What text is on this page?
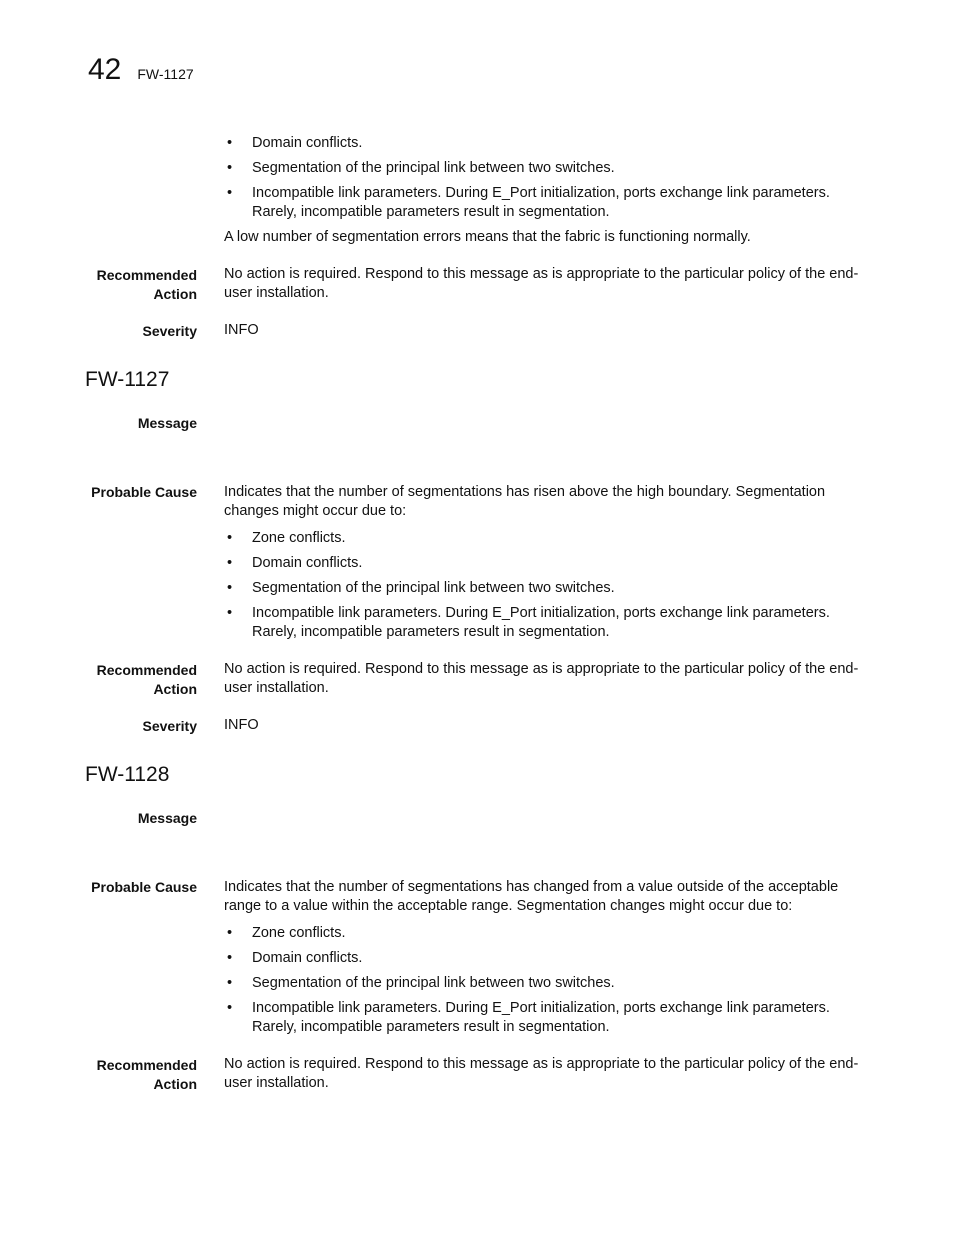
42 FW-1127
• Domain conflicts.
• Segmentation of the principal link between two switches.
• Incompatible link parameters. During E_Port initialization, ports exchange link parameters. Rarely, incompatible parameters result in segmentation.
A low number of segmentation errors means that the fabric is functioning normally.
Recommended
Action
No action is required. Respond to this message as is appropriate to the particular policy of the end-user installation.
Severity INFO
FW-1127
Message
Probable Cause Indicates that the number of segmentations has risen above the high boundary. Segmentation changes might occur due to:
• Zone conflicts.
• Domain conflicts.
• Segmentation of the principal link between two switches.
• Incompatible link parameters. During E_Port initialization, ports exchange link parameters. Rarely, incompatible parameters result in segmentation.
Recommended
Action
No action is required. Respond to this message as is appropriate to the particular policy of the end-user installation.
Severity INFO
FW-1128
Message
Probable Cause Indicates that the number of segmentations has changed from a value outside of the acceptable range to a value within the acceptable range. Segmentation changes might occur due to:
• Zone conflicts.
• Domain conflicts.
• Segmentation of the principal link between two switches.
• Incompatible link parameters. During E_Port initialization, ports exchange link parameters. Rarely, incompatible parameters result in segmentation.
Recommended
Action
No action is required. Respond to this message as is appropriate to the particular policy of the end-user installation.
